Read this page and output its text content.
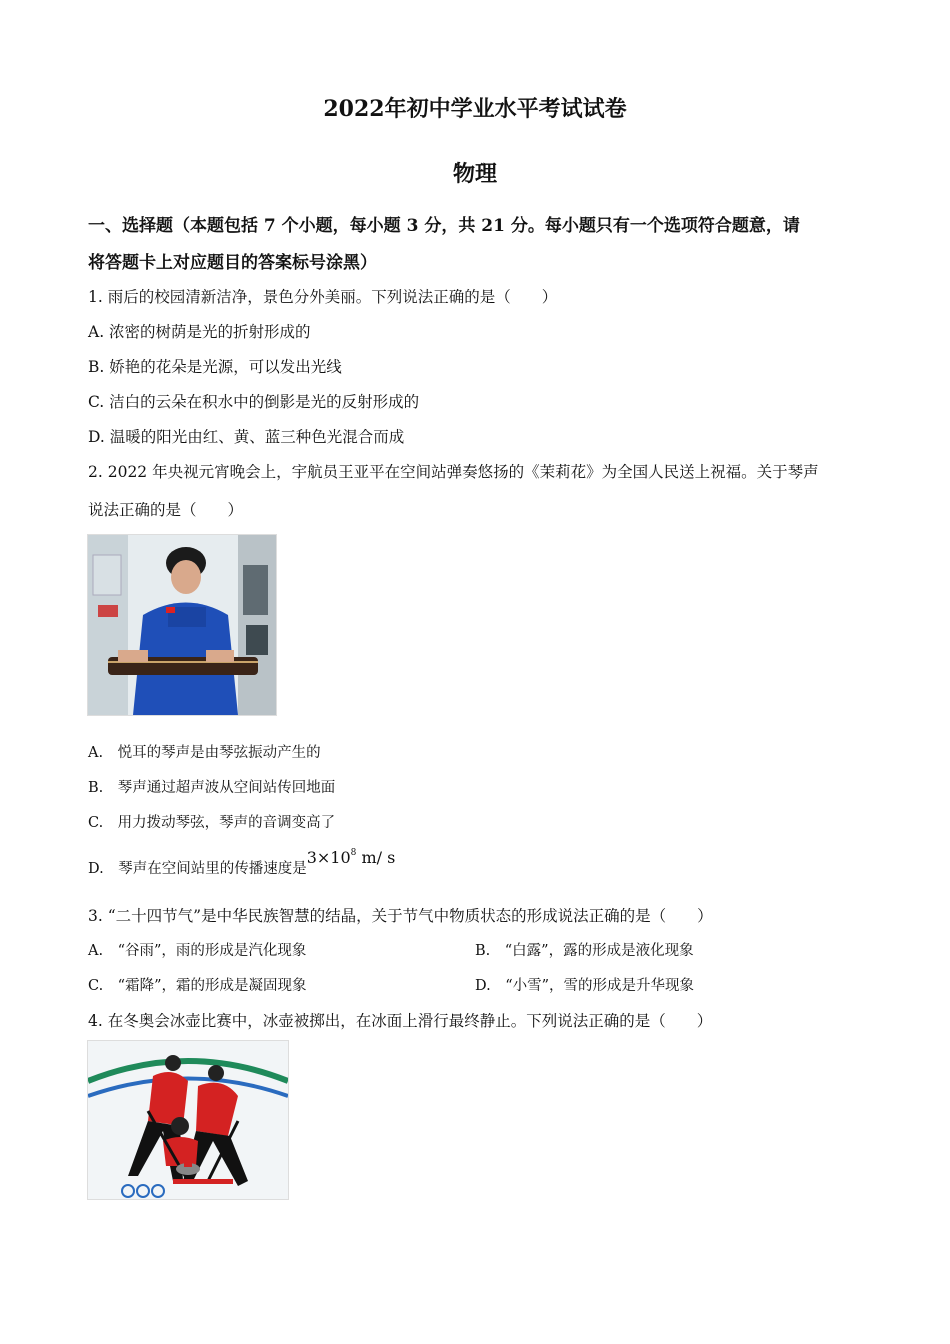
2022年初中学业水平考试试卷
物理
一、选择题（本题包括 7 个小题，每小题 3 分，共 21 分。每小题只有一个选项符合题意，请
将答题卡上对应题目的答案标号涂黑）
1. 雨后的校园清新洁净，景色分外美丽。下列说法正确的是（　　）
A. 浓密的树荫是光的折射形成的
B. 娇艳的花朵是光源，可以发出光线
C. 洁白的云朵在积水中的倒影是光的反射形成的
D. 温暖的阳光由红、黄、蓝三种色光混合而成
2. 2022 年央视元宵晚会上，宇航员王亚平在空间站弹奏悠扬的《茉莉花》为全国人民送上祝福。关于琴声
说法正确的是（　　）
A.　悦耳的琴声是由琴弦振动产生的
B.　琴声通过超声波从空间站传回地面
C.　用力拨动琴弦，琴声的音调变高了
D.　琴声在空间站里的传播速度是$3\times 10^8$ m/ s
3. “二十四节气”是中华民族智慧的结晶，关于节气中物质状态的形成说法正确的是（　　）
A.　“谷雨”，雨的形成是汽化现象	B.　“白露”，露的形成是液化现象
C.　“霜降”，霜的形成是凝固现象	D.　“小雪”，雪的形成是升华现象
4. 在冬奥会冰壶比赛中，冰壶被掷出，在冰面上滑行最终静止。下列说法正确的是（　　）
